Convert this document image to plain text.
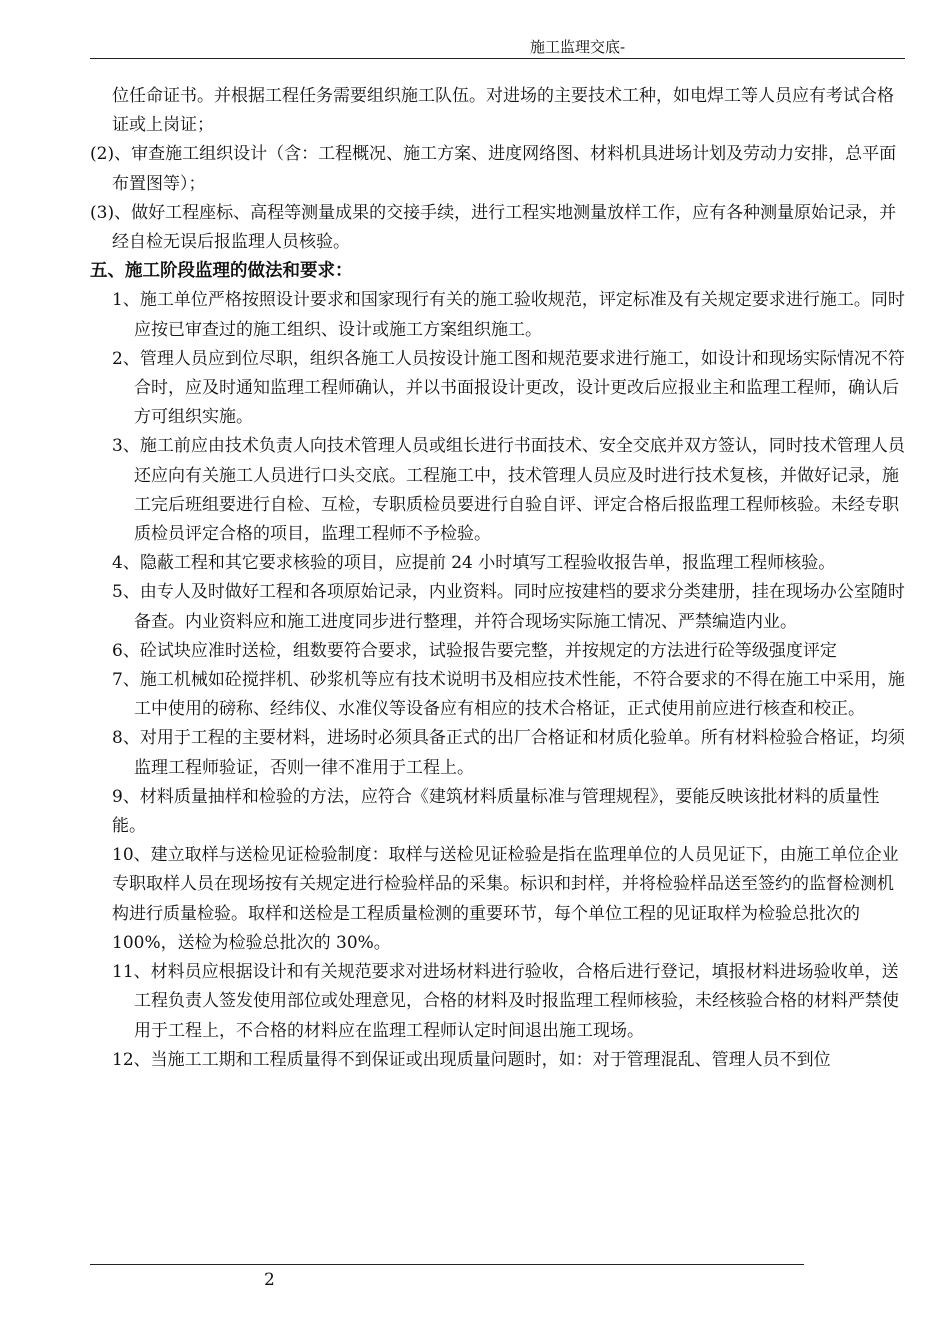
施工监理交底-

位任命证书。并根据工程任务需要组织施工队伍。对进场的主要技术工种，如电焊工等人员应有考试合格证或上岗证；

(2)、审查施工组织设计（含：工程概况、施工方案、进度网络图、材料机具进场计划及劳动力安排，总平面布置图等）；

(3)、做好工程座标、高程等测量成果的交接手续，进行工程实地测量放样工作，应有各种测量原始记录，并经自检无误后报监理人员核验。

五、施工阶段监理的做法和要求：

1、施工单位严格按照设计要求和国家现行有关的施工验收规范，评定标准及有关规定要求进行施工。同时应按已审查过的施工组织、设计或施工方案组织施工。

2、管理人员应到位尽职，组织各施工人员按设计施工图和规范要求进行施工，如设计和现场实际情况不符合时，应及时通知监理工程师确认，并以书面报设计更改，设计更改后应报业主和监理工程师，确认后方可组织实施。

3、施工前应由技术负责人向技术管理人员或组长进行书面技术、安全交底并双方签认，同时技术管理人员还应向有关施工人员进行口头交底。工程施工中，技术管理人员应及时进行技术复核，并做好记录，施工完后班组要进行自检、互检，专职质检员要进行自验自评、评定合格后报监理工程师核验。未经专职质检员评定合格的项目，监理工程师不予检验。

4、隐蔽工程和其它要求核验的项目，应提前 24 小时填写工程验收报告单，报监理工程师核验。

5、由专人及时做好工程和各项原始记录，内业资料。同时应按建档的要求分类建册，挂在现场办公室随时备查。内业资料应和施工进度同步进行整理，并符合现场实际施工情况、严禁编造内业。

6、砼试块应准时送检，组数要符合要求，试验报告要完整，并按规定的方法进行砼等级强度评定

7、施工机械如砼搅拌机、砂浆机等应有技术说明书及相应技术性能，不符合要求的不得在施工中采用，施工中使用的磅称、经纬仪、水准仪等设备应有相应的技术合格证，正式使用前应进行核查和校正。

8、对用于工程的主要材料，进场时必须具备正式的出厂合格证和材质化验单。所有材料检验合格证，均须监理工程师验证，否则一律不准用于工程上。

9、材料质量抽样和检验的方法，应符合《建筑材料质量标准与管理规程》，要能反映该批材料的质量性能。

10、建立取样与送检见证检验制度：取样与送检见证检验是指在监理单位的人员见证下，由施工单位企业专职取样人员在现场按有关规定进行检验样品的采集。标识和封样，并将检验样品送至签约的监督检测机构进行质量检验。取样和送检是工程质量检测的重要环节，每个单位工程的见证取样为检验总批次的 100%，送检为检验总批次的 30%。

11、材料员应根据设计和有关规范要求对进场材料进行验收，合格后进行登记，填报材料进场验收单，送工程负责人签发使用部位或处理意见，合格的材料及时报监理工程师核验，未经核验合格的材料严禁使用于工程上，不合格的材料应在监理工程师认定时间退出施工现场。

12、当施工工期和工程质量得不到保证或出现质量问题时，如：对于管理混乱、管理人员不到位

2
